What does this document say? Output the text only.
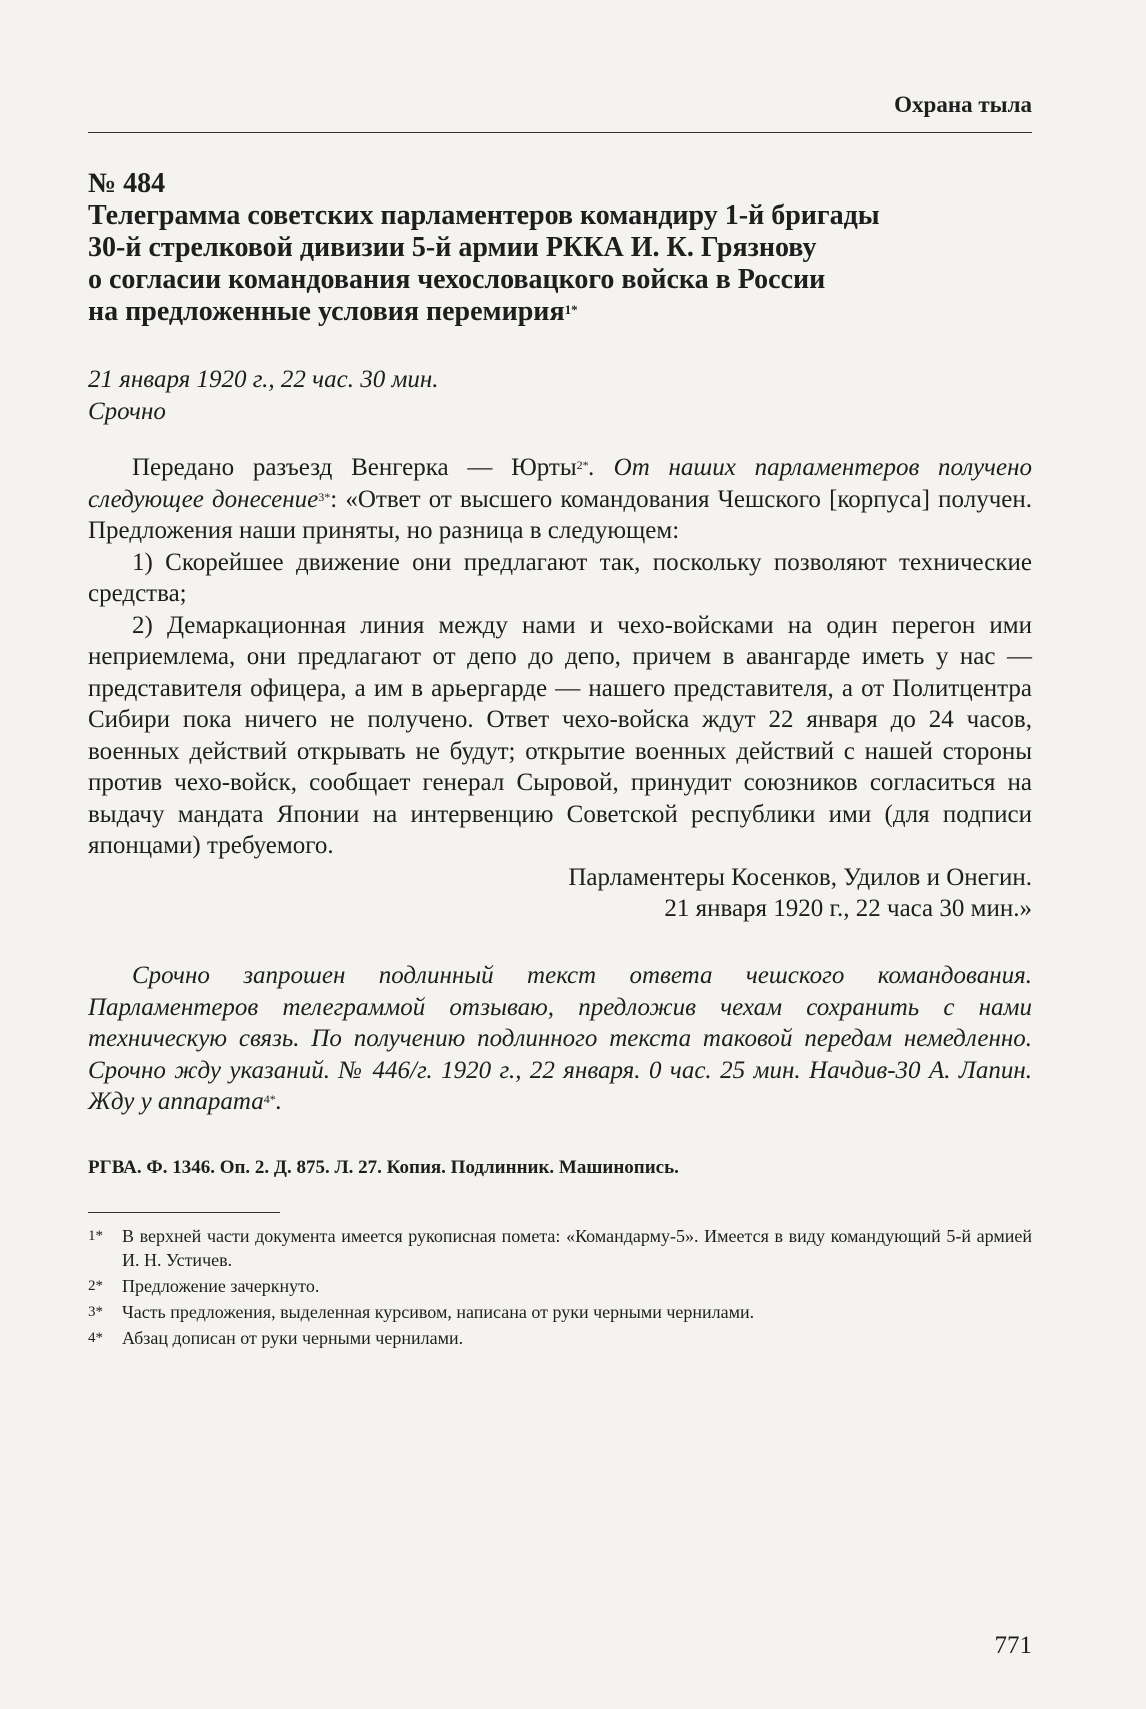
Охрана тыла
№ 484
Телеграмма советских парламентеров командиру 1-й бригады
30-й стрелковой дивизии 5-й армии РККА И. К. Грязнову
о согласии командования чехословацкого войска в России
на предложенные условия перемирия$^{1*}$
21 января 1920 г., 22 час. 30 мин.
Срочно

Передано разъезд Венгерка — Юрты$^{2*}$. От наших парламентеров получено следующее донесение$^{3*}$: «Ответ от высшего командования Чешского [корпуса] получен. Предложения наши приняты, но разница в следующем:

1) Скорейшее движение они предлагают так, поскольку позволяют технические средства;

2) Демаркационная линия между нами и чехо-войсками на один перегон ими неприемлема, они предлагают от депо до депо, причем в авангарде иметь у нас — представителя офицера, а им в арьергарде — нашего представителя, а от Политцентра Сибири пока ничего не получено. Ответ чехо-войска ждут 22 января до 24 часов, военных действий открывать не будут; открытие военных действий с нашей стороны против чехо-войск, сообщает генерал Сыровой, принудит союзников согласиться на выдачу мандата Японии на интервенцию Советской республики ими (для подписи японцами) требуемого.

Парламентеры Косенков, Удилов и Онегин.

21 января 1920 г., 22 часа 30 мин.»

Срочно запрошен подлинный текст ответа чешского командования. Парламентеров телеграммой отзываю, предложив чехам сохранить с нами техническую связь. По получению подлинного текста таковой передам немедленно. Срочно жду указаний. № 446/г. 1920 г., 22 января. 0 час. 25 мин. Начдив-30 А. Лапин. Жду у аппарата$^{4*}$.

РГВА. Ф. 1346. Оп. 2. Д. 875. Л. 27. Копия. Подлинник. Машинопись.
1* В верхней части документа имеется рукописная помета: «Командарму-5». Имеется в виду командующий 5-й армией И. Н. Устичев.
2* Предложение зачеркнуто.
3* Часть предложения, выделенная курсивом, написана от руки черными чернилами.
4* Абзац дописан от руки черными чернилами.
771
